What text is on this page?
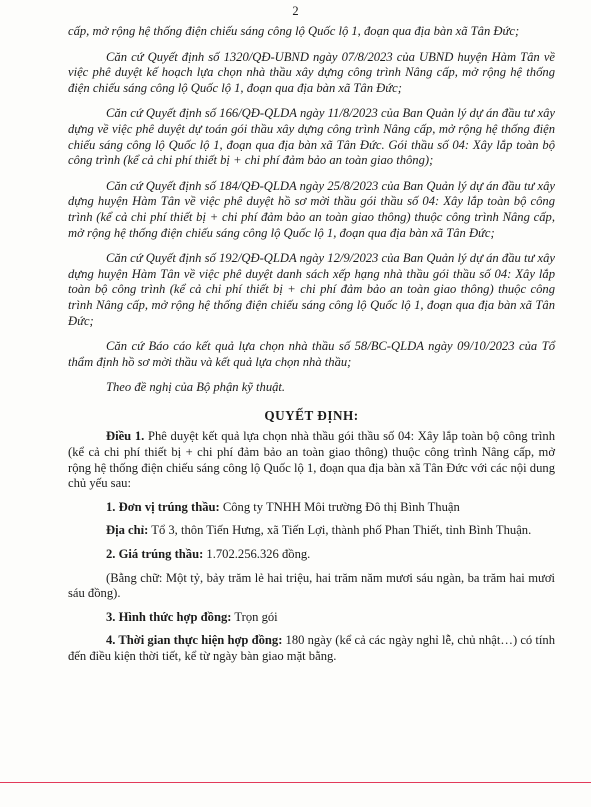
2

cấp, mở rộng hệ thống điện chiếu sáng công lộ Quốc lộ 1, đoạn qua địa bàn xã Tân Đức;

Căn cứ Quyết định số 1320/QĐ-UBND ngày 07/8/2023 của UBND huyện Hàm Tân về việc phê duyệt kế hoạch lựa chọn nhà thầu xây dựng công trình Nâng cấp, mở rộng hệ thống điện chiếu sáng công lộ Quốc lộ 1, đoạn qua địa bàn xã Tân Đức;

Căn cứ Quyết định số 166/QĐ-QLDA ngày 11/8/2023 của Ban Quản lý dự án đầu tư xây dựng về việc phê duyệt dự toán gói thầu xây dựng công trình Nâng cấp, mở rộng hệ thống điện chiếu sáng công lộ Quốc lộ 1, đoạn qua địa bàn xã Tân Đức. Gói thầu số 04: Xây lắp toàn bộ công trình (kể cả chi phí thiết bị + chi phí đảm bảo an toàn giao thông);

Căn cứ Quyết định số 184/QĐ-QLDA ngày 25/8/2023 của Ban Quản lý dự án đầu tư xây dựng huyện Hàm Tân về việc phê duyệt hồ sơ mời thầu gói thầu số 04: Xây lắp toàn bộ công trình (kể cả chi phí thiết bị + chi phí đảm bảo an toàn giao thông) thuộc công trình Nâng cấp, mở rộng hệ thống điện chiếu sáng công lộ Quốc lộ 1, đoạn qua địa bàn xã Tân Đức;

Căn cứ Quyết định số 192/QĐ-QLDA ngày 12/9/2023 của Ban Quản lý dự án đầu tư xây dựng huyện Hàm Tân về việc phê duyệt danh sách xếp hạng nhà thầu gói thầu số 04: Xây lắp toàn bộ công trình (kể cả chi phí thiết bị + chi phí đảm bảo an toàn giao thông) thuộc công trình Nâng cấp, mở rộng hệ thống điện chiếu sáng công lộ Quốc lộ 1, đoạn qua địa bàn xã Tân Đức;

Căn cứ Báo cáo kết quả lựa chọn nhà thầu số 58/BC-QLDA ngày 09/10/2023 của Tổ thẩm định hồ sơ mời thầu và kết quả lựa chọn nhà thầu;

Theo đề nghị của Bộ phận kỹ thuật.

QUYẾT ĐỊNH:

Điều 1. Phê duyệt kết quả lựa chọn nhà thầu gói thầu số 04: Xây lắp toàn bộ công trình (kể cả chi phí thiết bị + chi phí đảm bảo an toàn giao thông) thuộc công trình Nâng cấp, mở rộng hệ thống điện chiếu sáng công lộ Quốc lộ 1, đoạn qua địa bàn xã Tân Đức với các nội dung chủ yếu sau:

1. Đơn vị trúng thầu: Công ty TNHH Môi trường Đô thị Bình Thuận

Địa chỉ: Tổ 3, thôn Tiến Hưng, xã Tiến Lợi, thành phố Phan Thiết, tỉnh Bình Thuận.

2. Giá trúng thầu: 1.702.256.326 đồng.

(Bằng chữ: Một tỷ, bảy trăm lẻ hai triệu, hai trăm năm mươi sáu ngàn, ba trăm hai mươi sáu đồng).

3. Hình thức hợp đồng: Trọn gói

4. Thời gian thực hiện hợp đồng: 180 ngày (kể cả các ngày nghỉ lễ, chủ nhật…) có tính đến điều kiện thời tiết, kể từ ngày bàn giao mặt bằng.
